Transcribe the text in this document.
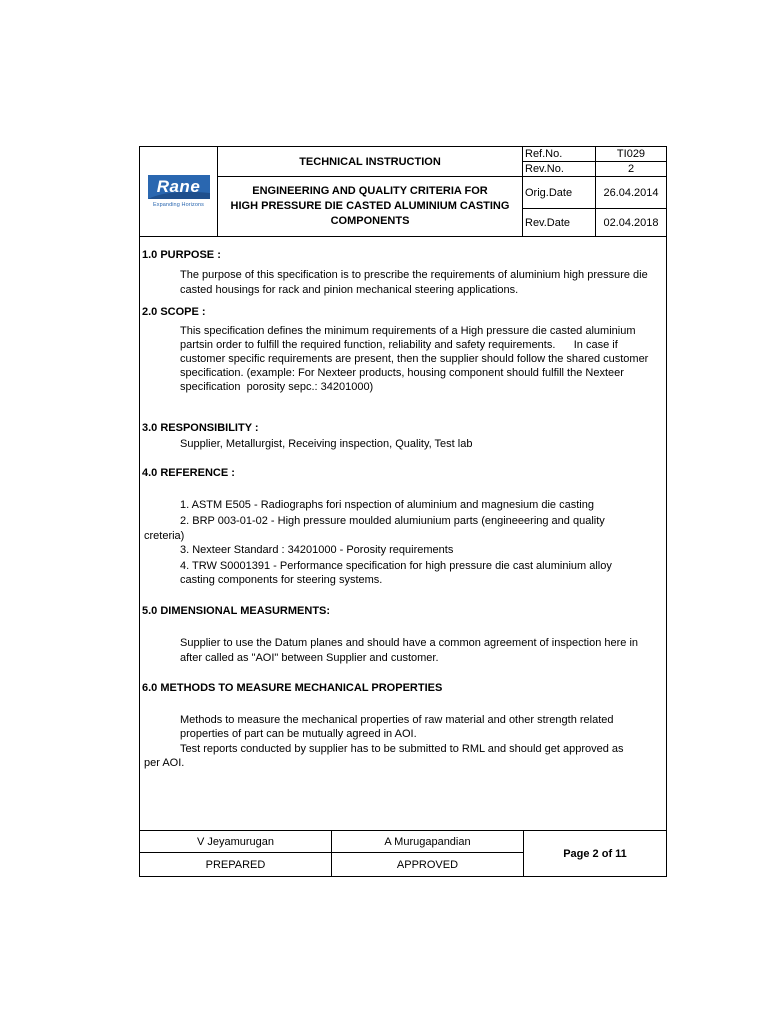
Rane
Expanding Horizons
TECHNICAL INSTRUCTION
ENGINEERING AND QUALITY CRITERIA FOR
HIGH PRESSURE DIE CASTED ALUMINIUM CASTING
COMPONENTS
Ref.No.	TI029
Rev.No.	2
Orig.Date	26.04.2014
Rev.Date	02.04.2018
1.0 PURPOSE :
The purpose of this specification is to prescribe the requirements of aluminium high pressure die
casted housings for rack and pinion mechanical steering applications.
2.0 SCOPE :
This specification defines the minimum requirements of a High pressure die casted aluminium
partsin order to fulfill the required function, reliability and safety requirements.      In case if
customer specific requirements are present, then the supplier should follow the shared customer
specification. (example: For Nexteer products, housing component should fulfill the Nexteer
specification  porosity sepc.: 34201000)
3.0 RESPONSIBILITY :
Supplier, Metallurgist, Receiving inspection, Quality, Test lab
4.0 REFERENCE :
1. ASTM E505 - Radiographs fori nspection of aluminium and magnesium die casting
2. BRP 003-01-02 - High pressure moulded alumiunium parts (engineeering and quality
creteria)
3. Nexteer Standard : 34201000 - Porosity requirements
4. TRW S0001391 - Performance specification for high pressure die cast aluminium alloy
casting components for steering systems.
5.0 DIMENSIONAL MEASURMENTS:
Supplier to use the Datum planes and should have a common agreement of inspection here in
after called as "AOI" between Supplier and customer.
6.0 METHODS TO MEASURE MECHANICAL PROPERTIES
Methods to measure the mechanical properties of raw material and other strength related
properties of part can be mutually agreed in AOI.
Test reports conducted by supplier has to be submitted to RML and should get approved as
per AOI.
V Jeyamurugan	A Murugapandian
PREPARED	APPROVED
Page 2 of 11
